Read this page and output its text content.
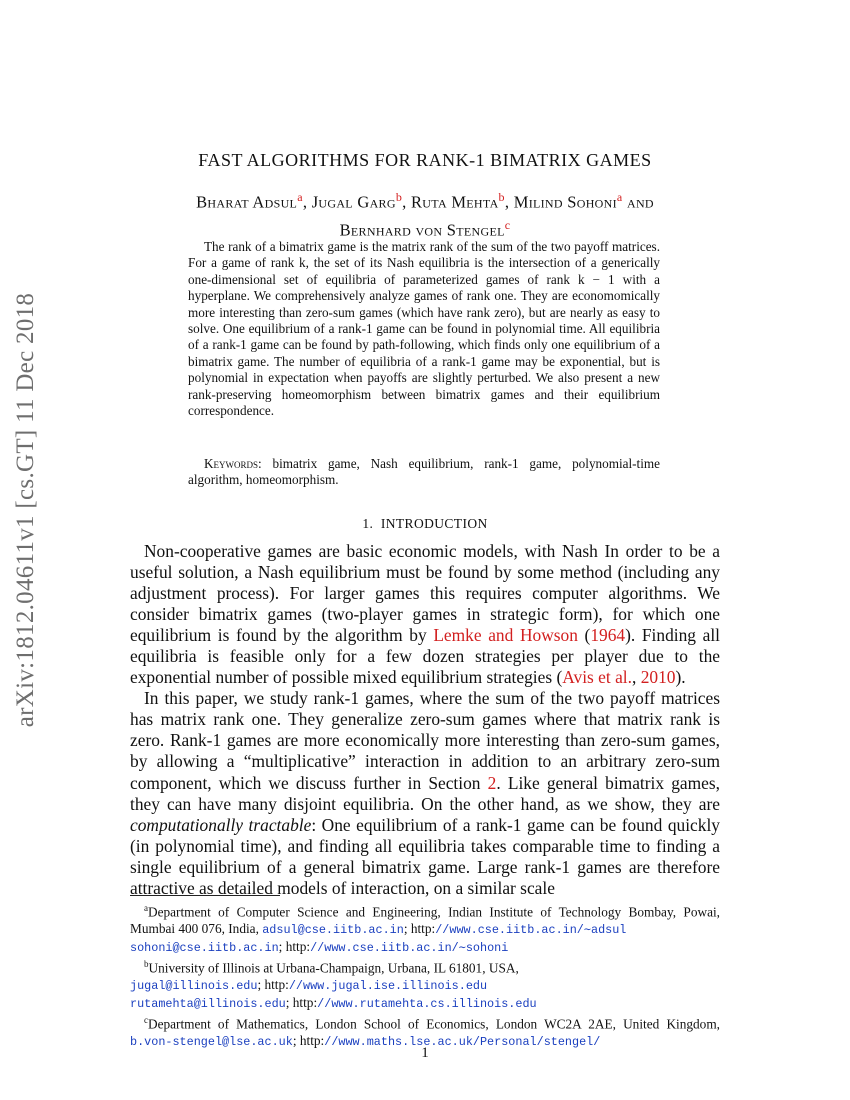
arXiv:1812.04611v1 [cs.GT] 11 Dec 2018
FAST ALGORITHMS FOR RANK-1 BIMATRIX GAMES
Bharat Adsul$^a$, Jugal Garg$^b$, Ruta Mehta$^b$, Milind Sohoni$^a$ and
Bernhard von Stengel$^c$
The rank of a bimatrix game is the matrix rank of the sum of the two payoff matrices. For a game of rank k, the set of its Nash equilibria is the intersection of a generically one-dimensional set of equilibria of parameterized games of rank k − 1 with a hyperplane. We comprehensively analyze games of rank one. They are economomically more interesting than zero-sum games (which have rank zero), but are nearly as easy to solve. One equilibrium of a rank-1 game can be found in polynomial time. All equilibria of a rank-1 game can be found by path-following, which finds only one equilibrium of a bimatrix game. The number of equilibria of a rank-1 game may be exponential, but is polynomial in expectation when payoffs are slightly perturbed. We also present a new rank-preserving homeomorphism between bimatrix games and their equilibrium correspondence.
Keywords: bimatrix game, Nash equilibrium, rank-1 game, polynomial-time algorithm, homeomorphism.
1. INTRODUCTION

Non-cooperative games are basic economic models, with Nash In order to be a useful solution, a Nash equilibrium must be found by some method (including any adjustment process). For larger games this requires computer algorithms. We consider bimatrix games (two-player games in strategic form), for which one equilibrium is found by the algorithm by Lemke and Howson (1964). Finding all equilibria is feasible only for a few dozen strategies per player due to the exponential number of possible mixed equilibrium strategies (Avis et al., 2010).

In this paper, we study rank-1 games, where the sum of the two payoff matrices has matrix rank one. They generalize zero-sum games where that matrix rank is zero. Rank-1 games are more economically more interesting than zero-sum games, by allowing a “multiplicative” interaction in addition to an arbitrary zero-sum component, which we discuss further in Section 2. Like general bimatrix games, they can have many disjoint equilibria. On the other hand, as we show, they are computationally tractable: One equilibrium of a rank-1 game can be found quickly (in polynomial time), and finding all equilibria takes comparable time to finding a single equilibrium of a general bimatrix game. Large rank-1 games are therefore attractive as detailed models of interaction, on a similar scale

$^a$Department of Computer Science and Engineering, Indian Institute of Technology Bombay, Powai, Mumbai 400 076, India, adsul@cse.iitb.ac.in; http://www.cse.iitb.ac.in/∼adsul
sohoni@cse.iitb.ac.in; http://www.cse.iitb.ac.in/∼sohoni

$^b$University of Illinois at Urbana-Champaign, Urbana, IL 61801, USA,

jugal@illinois.edu; http://www.jugal.ise.illinois.edu

rutamehta@illinois.edu; http://www.rutamehta.cs.illinois.edu

$^c$Department of Mathematics, London School of Economics, London WC2A 2AE, United Kingdom, b.von-stengel@lse.ac.uk; http://www.maths.lse.ac.uk/Personal/stengel/

1
